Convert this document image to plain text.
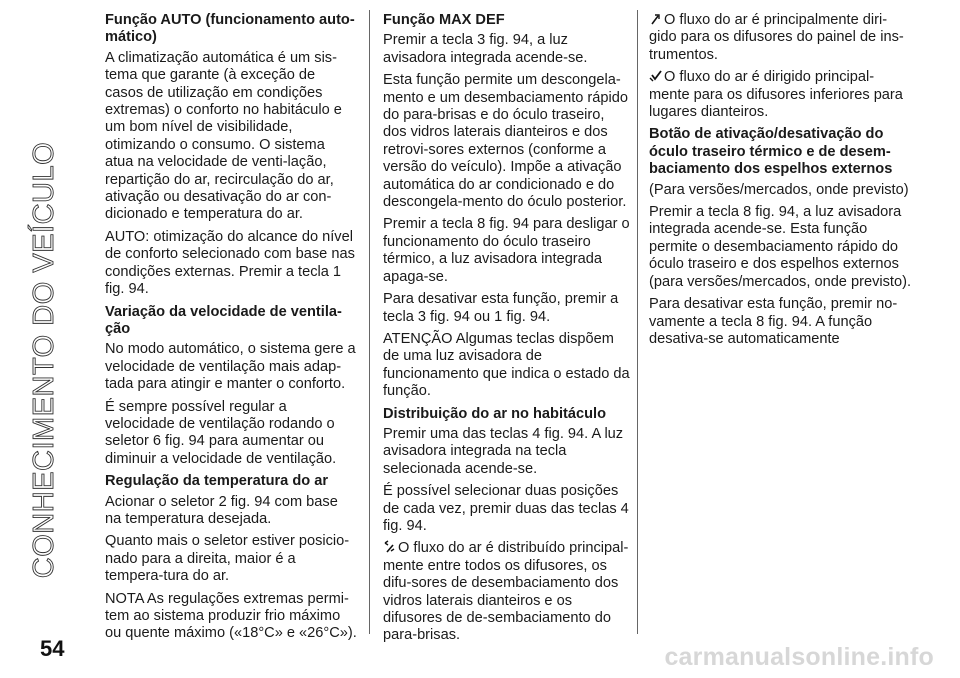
CONHECIMENTO DO VEÍCULO
Função AUTO (funcionamento auto-mático)

A climatização automática é um sis-tema que garante (à exceção de casos de utilização em condições extremas) o conforto no habitáculo e um bom nível de visibilidade, otimizando o consumo. O sistema atua na velocidade de venti-lação, repartição do ar, recirculação do ar, ativação ou desativação do ar con-dicionado e temperatura do ar.

AUTO: otimização do alcance do nível de conforto selecionado com base nas condições externas. Premir a tecla 1 fig. 94.

Variação da velocidade de ventila-ção

No modo automático, o sistema gere a velocidade de ventilação mais adap-tada para atingir e manter o conforto.

É sempre possível regular a velocidade de ventilação rodando o seletor 6 fig. 94 para aumentar ou diminuir a velocidade de ventilação.

Regulação da temperatura do ar

Acionar o seletor 2 fig. 94 com base na temperatura desejada.

Quanto mais o seletor estiver posicio-nado para a direita, maior é a tempera-tura do ar.

NOTA As regulações extremas permi-tem ao sistema produzir frio máximo ou quente máximo («18°C» e «26°C»).

Função MAX DEF

Premir a tecla 3 fig. 94, a luz avisadora integrada acende-se.

Esta função permite um descongela-mento e um desembaciamento rápido do para-brisas e do óculo traseiro, dos vidros laterais dianteiros e dos retrovi-sores externos (conforme a versão do veículo). Impõe a ativação automática do ar condicionado e do descongela-mento do óculo posterior.

Premir a tecla 8 fig. 94 para desligar o funcionamento do óculo traseiro térmico, a luz avisadora integrada apaga-se.

Para desativar esta função, premir a tecla 3 fig. 94 ou 1 fig. 94.

ATENÇÃO Algumas teclas dispõem de uma luz avisadora de funcionamento que indica o estado da função.

Distribuição do ar no habitáculo

Premir uma das teclas 4 fig. 94. A luz avisadora integrada na tecla selecionada acende-se.

É possível selecionar duas posições de cada vez, premir duas das teclas 4 fig. 94.

O fluxo do ar é distribuído principal-mente entre todos os difusores, os difu-sores de desembaciamento dos vidros laterais dianteiros e os difusores de de-sembaciamento do para-brisas.

O fluxo do ar é principalmente diri-gido para os difusores do painel de ins-trumentos.

O fluxo do ar é dirigido principal-mente para os difusores inferiores para lugares dianteiros.

Botão de ativação/desativação do óculo traseiro térmico e de desem-baciamento dos espelhos externos

(Para versões/mercados, onde previsto)

Premir a tecla 8 fig. 94, a luz avisadora integrada acende-se. Esta função permite o desembaciamento rápido do óculo traseiro e dos espelhos externos (para versões/mercados, onde previsto).

Para desativar esta função, premir no-vamente a tecla 8 fig. 94. A função desativa-se automaticamente

54	carmanualsonline.info
